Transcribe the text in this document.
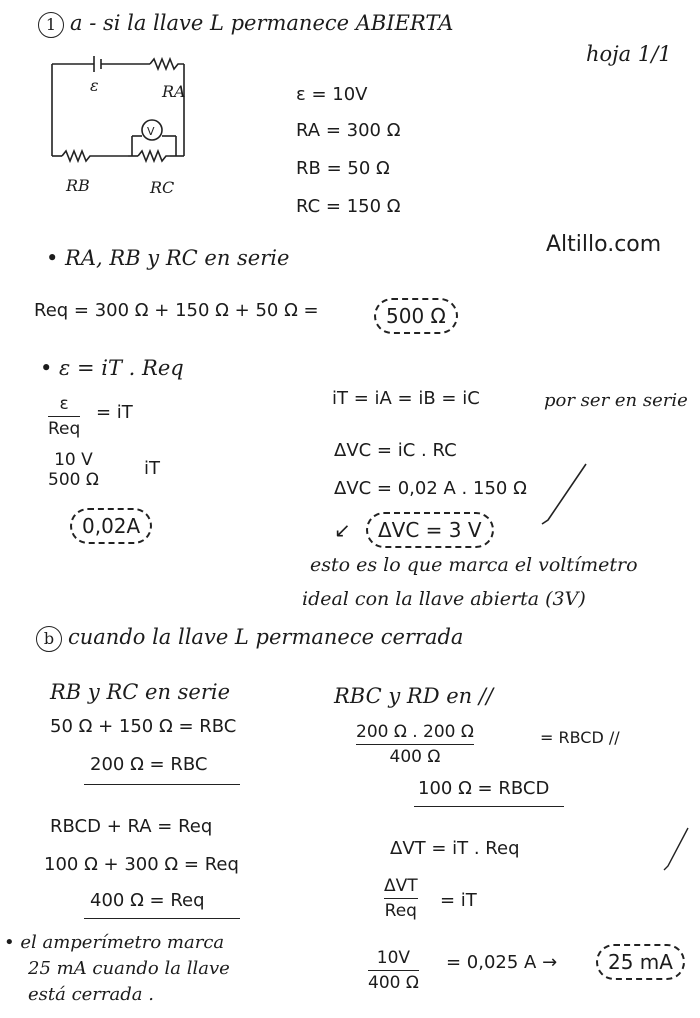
1 a - si la llave L permanece ABIERTA
hoja 1/1
V
ε	RA
RB	RC
ε = 10V
RA = 300 Ω
RB = 50 Ω
RC = 150 Ω
Altillo.com
• RA, RB y RC en serie
Req = 300 Ω + 150 Ω + 50 Ω =	500 Ω
• ε = iT . Req
ε
Req
= iT
10 V
500 Ω
iT
0,02A
iT = iA = iB = iC	por ser en serie
ΔVC = iC . RC
ΔVC = 0,02 A . 150 Ω
↙	ΔVC = 3 V
esto es lo que marca el voltímetro
ideal con la llave abierta (3V)
b cuando la llave L permanece cerrada
RB y RC en serie
50 Ω + 150 Ω = RBC
200 Ω = RBC
RBC y RD en //
200 Ω . 200 Ω
400 Ω
= RBCD //
100 Ω = RBCD
RBCD + RA = Req
100 Ω + 300 Ω = Req
400 Ω = Req
ΔVT = iT . Req
ΔVT
Req
= iT
10V
400 Ω
= 0,025 A →	25 mA
• el amperímetro marca
25 mA cuando la llave
está cerrada .
